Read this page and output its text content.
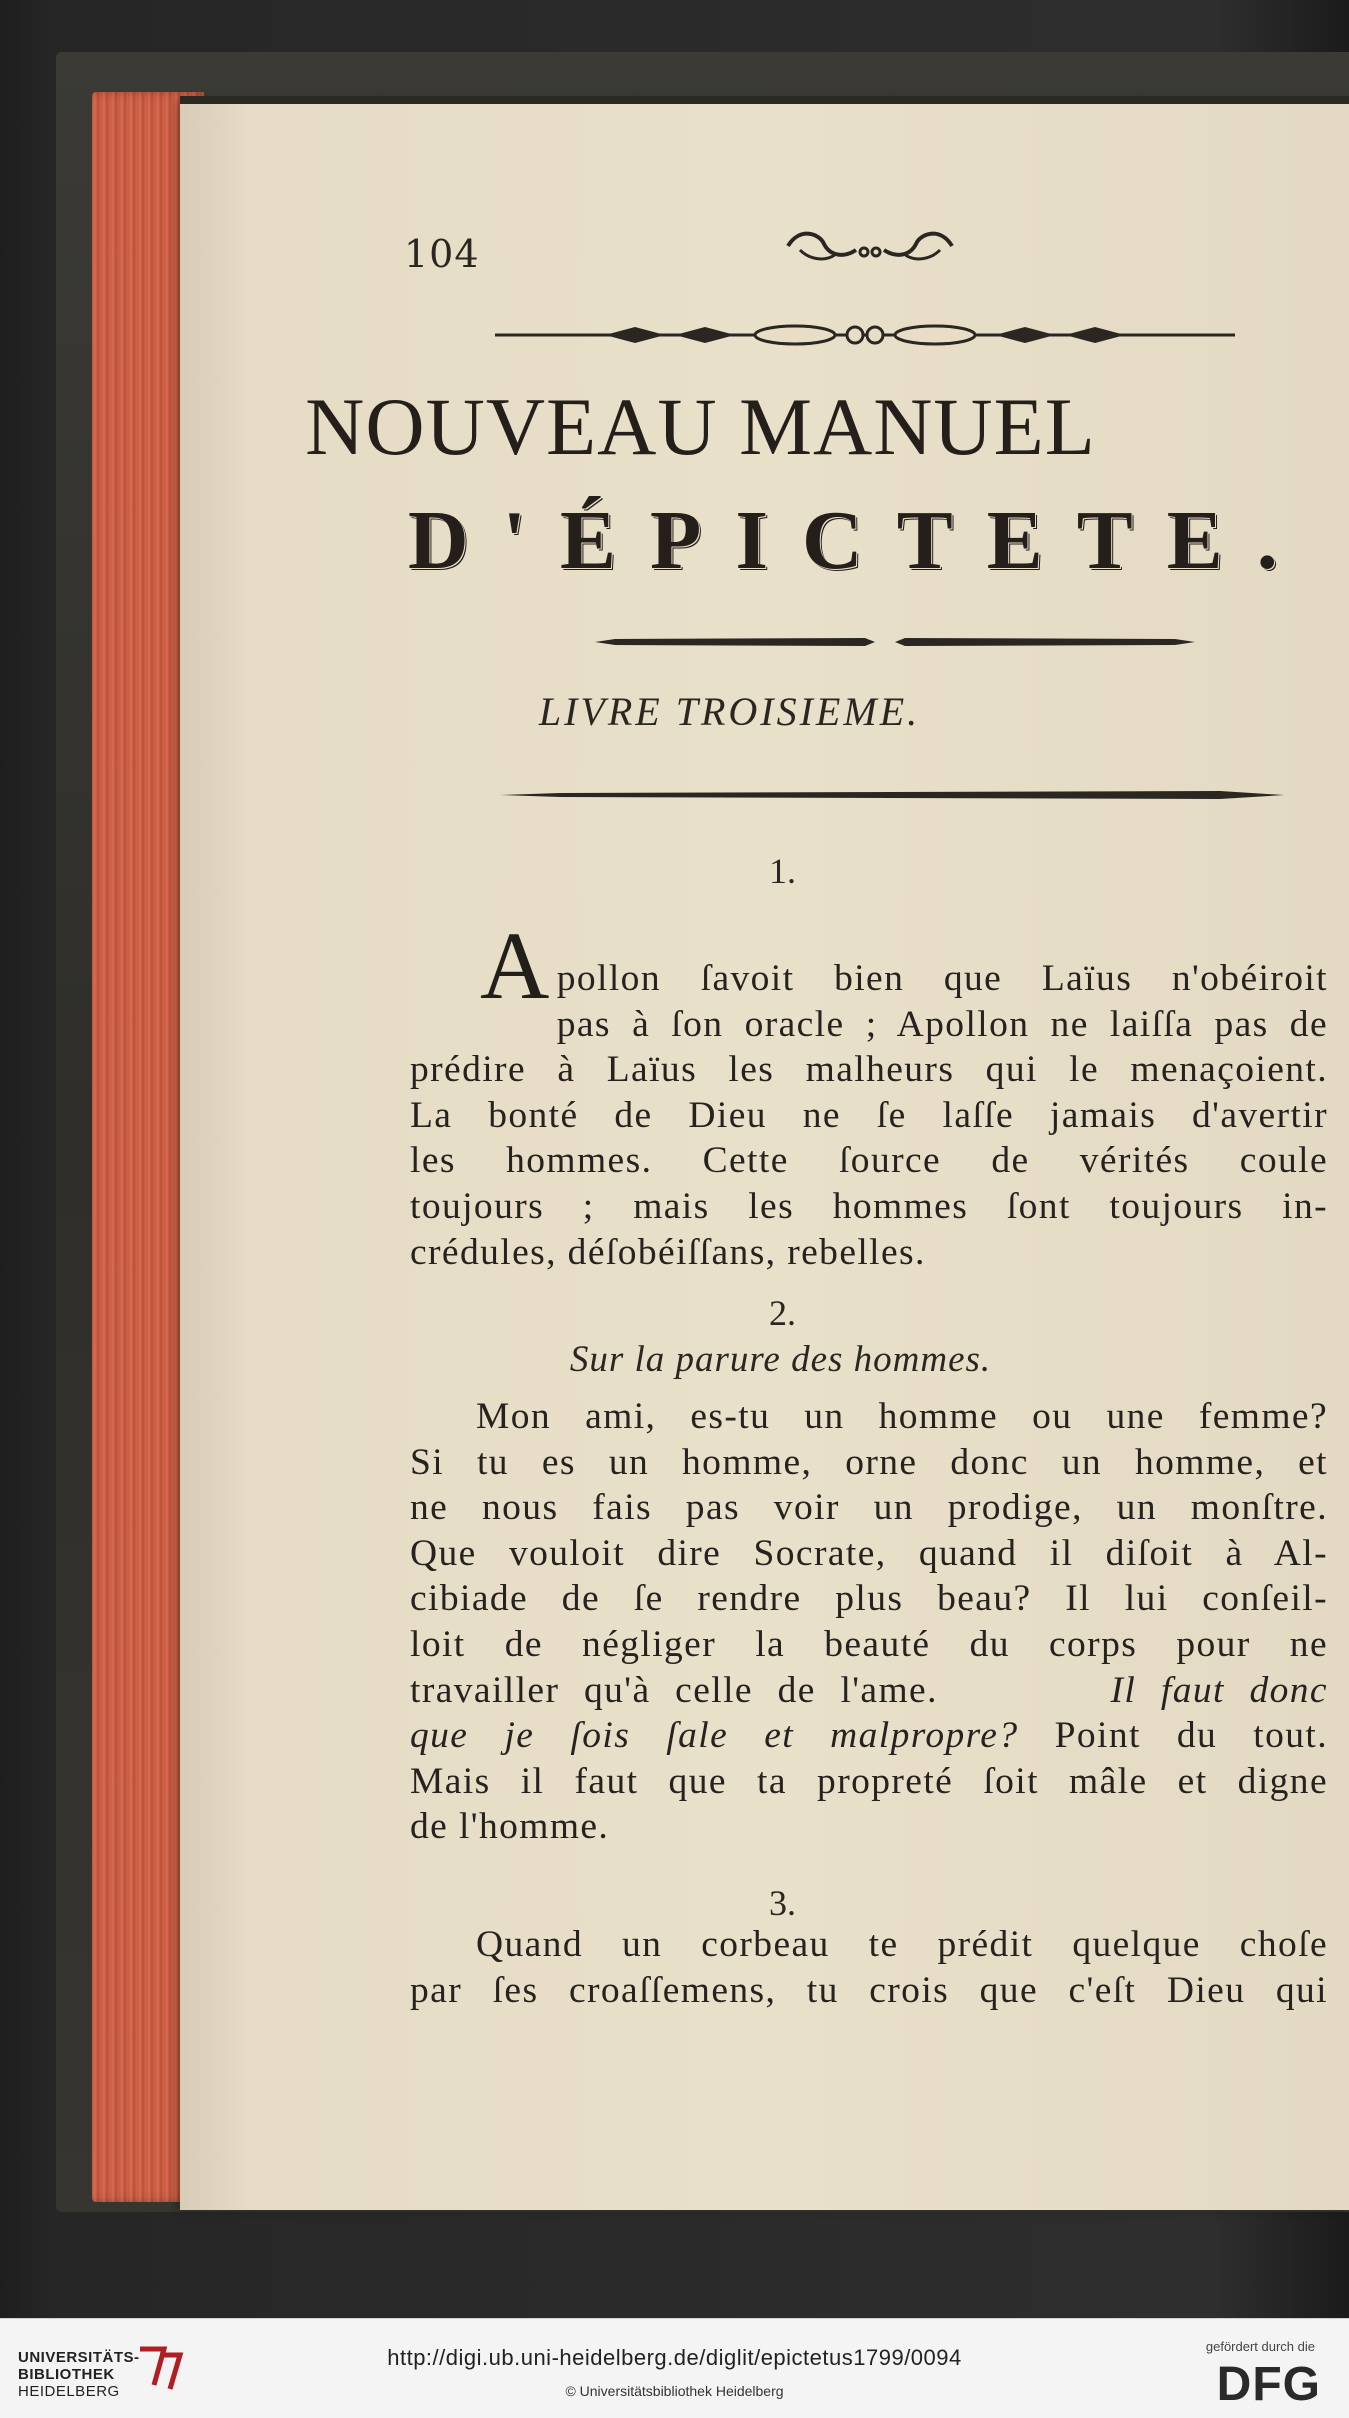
104
NOUVEAU MANUEL
D'ÉPICTETE.
LIVRE TROISIEME.
1.
A pollon ſavoit bien que Laïus n'obéiroit
pas à ſon oracle ; Apollon ne laiſſa pas de
prédire à Laïus les malheurs qui le menaçoient.
La bonté de Dieu ne ſe laſſe jamais d'avertir
les hommes. Cette ſource de vérités coule
toujours ; mais les hommes ſont toujours in-
crédules, déſobéiſſans, rebelles.
2.
Sur la parure des hommes.
Mon ami, es-tu un homme ou une femme?
Si tu es un homme, orne donc un homme, et
ne nous fais pas voir un prodige, un monſtre.
Que vouloit dire Socrate, quand il diſoit à Al-
cibiade de ſe rendre plus beau? Il lui conſeil-
loit de négliger la beauté du corps pour ne
travailler qu'à celle de l'ame.	Il faut donc
que je ſois ſale et malpropre? Point du tout.
Mais il faut que ta propreté ſoit mâle et digne
de l'homme.
3.
Quand un corbeau te prédit quelque choſe
par ſes croaſſemens, tu crois que c'eſt Dieu qui
UNIVERSITÄTS-
BIBLIOTHEK
HEIDELBERG
http://digi.ub.uni-heidelberg.de/diglit/epictetus1799/0094
© Universitätsbibliothek Heidelberg
gefördert durch die
DFG
